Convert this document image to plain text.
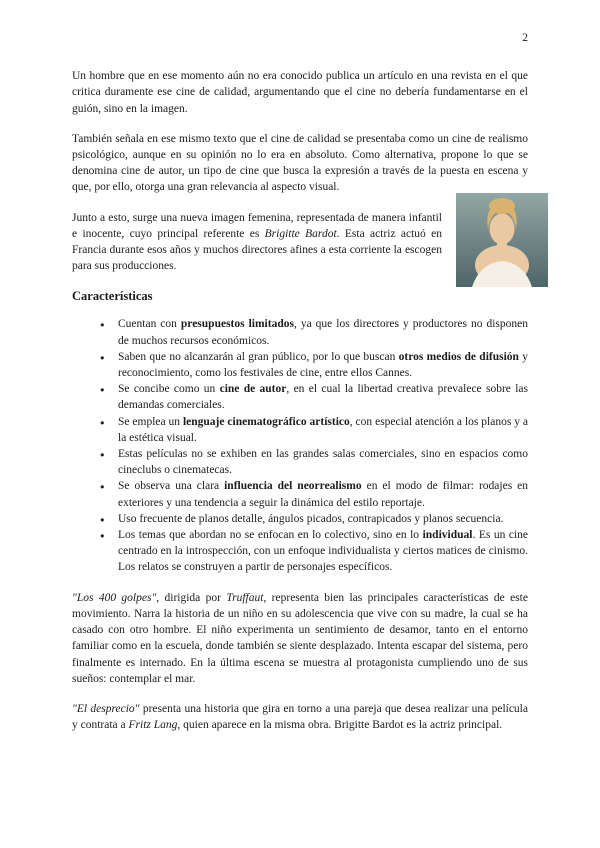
2

Un hombre que en ese momento aún no era conocido publica un artículo en una revista en el que critica duramente ese cine de calidad, argumentando que el cine no debería fundamentarse en el guión, sino en la imagen.

También señala en ese mismo texto que el cine de calidad se presentaba como un cine de realismo psicológico, aunque en su opinión no lo era en absoluto. Como alternativa, propone lo que se denomina cine de autor, un tipo de cine que busca la expresión a través de la puesta en escena y que, por ello, otorga una gran relevancia al aspecto visual.

Junto a esto, surge una nueva imagen femenina, representada de manera infantil e inocente, cuyo principal referente es Brigitte Bardot. Esta actriz actuó en Francia durante esos años y muchos directores afines a esta corriente la escogen para sus producciones.

Características
● Cuentan con presupuestos limitados, ya que los directores y productores no disponen de muchos recursos económicos.
● Saben que no alcanzarán al gran público, por lo que buscan otros medios de difusión y reconocimiento, como los festivales de cine, entre ellos Cannes.
● Se concibe como un cine de autor, en el cual la libertad creativa prevalece sobre las demandas comerciales.
● Se emplea un lenguaje cinematográfico artístico, con especial atención a los planos y a la estética visual.
● Estas películas no se exhiben en las grandes salas comerciales, sino en espacios como cineclubs o cinematecas.
● Se observa una clara influencia del neorrealismo en el modo de filmar: rodajes en exteriores y una tendencia a seguir la dinámica del estilo reportaje.
● Uso frecuente de planos detalle, ángulos picados, contrapicados y planos secuencia.
● Los temas que abordan no se enfocan en lo colectivo, sino en lo individual. Es un cine centrado en la introspección, con un enfoque individualista y ciertos matices de cinismo. Los relatos se construyen a partir de personajes específicos.

"Los 400 golpes", dirigida por Truffaut, representa bien las principales características de este movimiento. Narra la historia de un niño en su adolescencia que vive con su madre, la cual se ha casado con otro hombre. El niño experimenta un sentimiento de desamor, tanto en el entorno familiar como en la escuela, donde también se siente desplazado. Intenta escapar del sistema, pero finalmente es internado. En la última escena se muestra al protagonista cumpliendo uno de sus sueños: contemplar el mar.

"El desprecio" presenta una historia que gira en torno a una pareja que desea realizar una película y contrata a Fritz Lang, quien aparece en la misma obra. Brigitte Bardot es la actriz principal.
